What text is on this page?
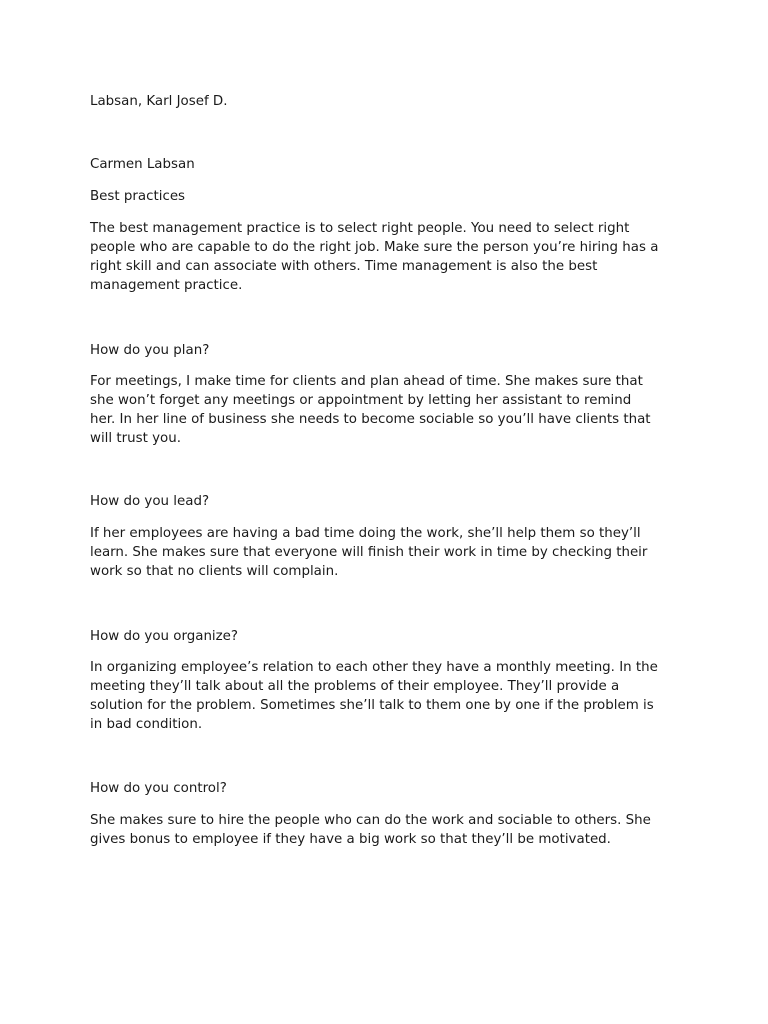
Labsan, Karl Josef D.

Carmen Labsan

Best practices

The best management practice is to select right people. You need to select right
people who are capable to do the right job. Make sure the person you’re hiring has a
right skill and can associate with others. Time management is also the best
management practice.

How do you plan?

For meetings, I make time for clients and plan ahead of time. She makes sure that
she won’t forget any meetings or appointment by letting her assistant to remind
her. In her line of business she needs to become sociable so you’ll have clients that
will trust you.

How do you lead?

If her employees are having a bad time doing the work, she’ll help them so they’ll
learn. She makes sure that everyone will finish their work in time by checking their
work so that no clients will complain.

How do you organize?

In organizing employee’s relation to each other they have a monthly meeting. In the
meeting they’ll talk about all the problems of their employee. They’ll provide a
solution for the problem. Sometimes she’ll talk to them one by one if the problem is
in bad condition.

How do you control?

She makes sure to hire the people who can do the work and sociable to others. She
gives bonus to employee if they have a big work so that they’ll be motivated.
